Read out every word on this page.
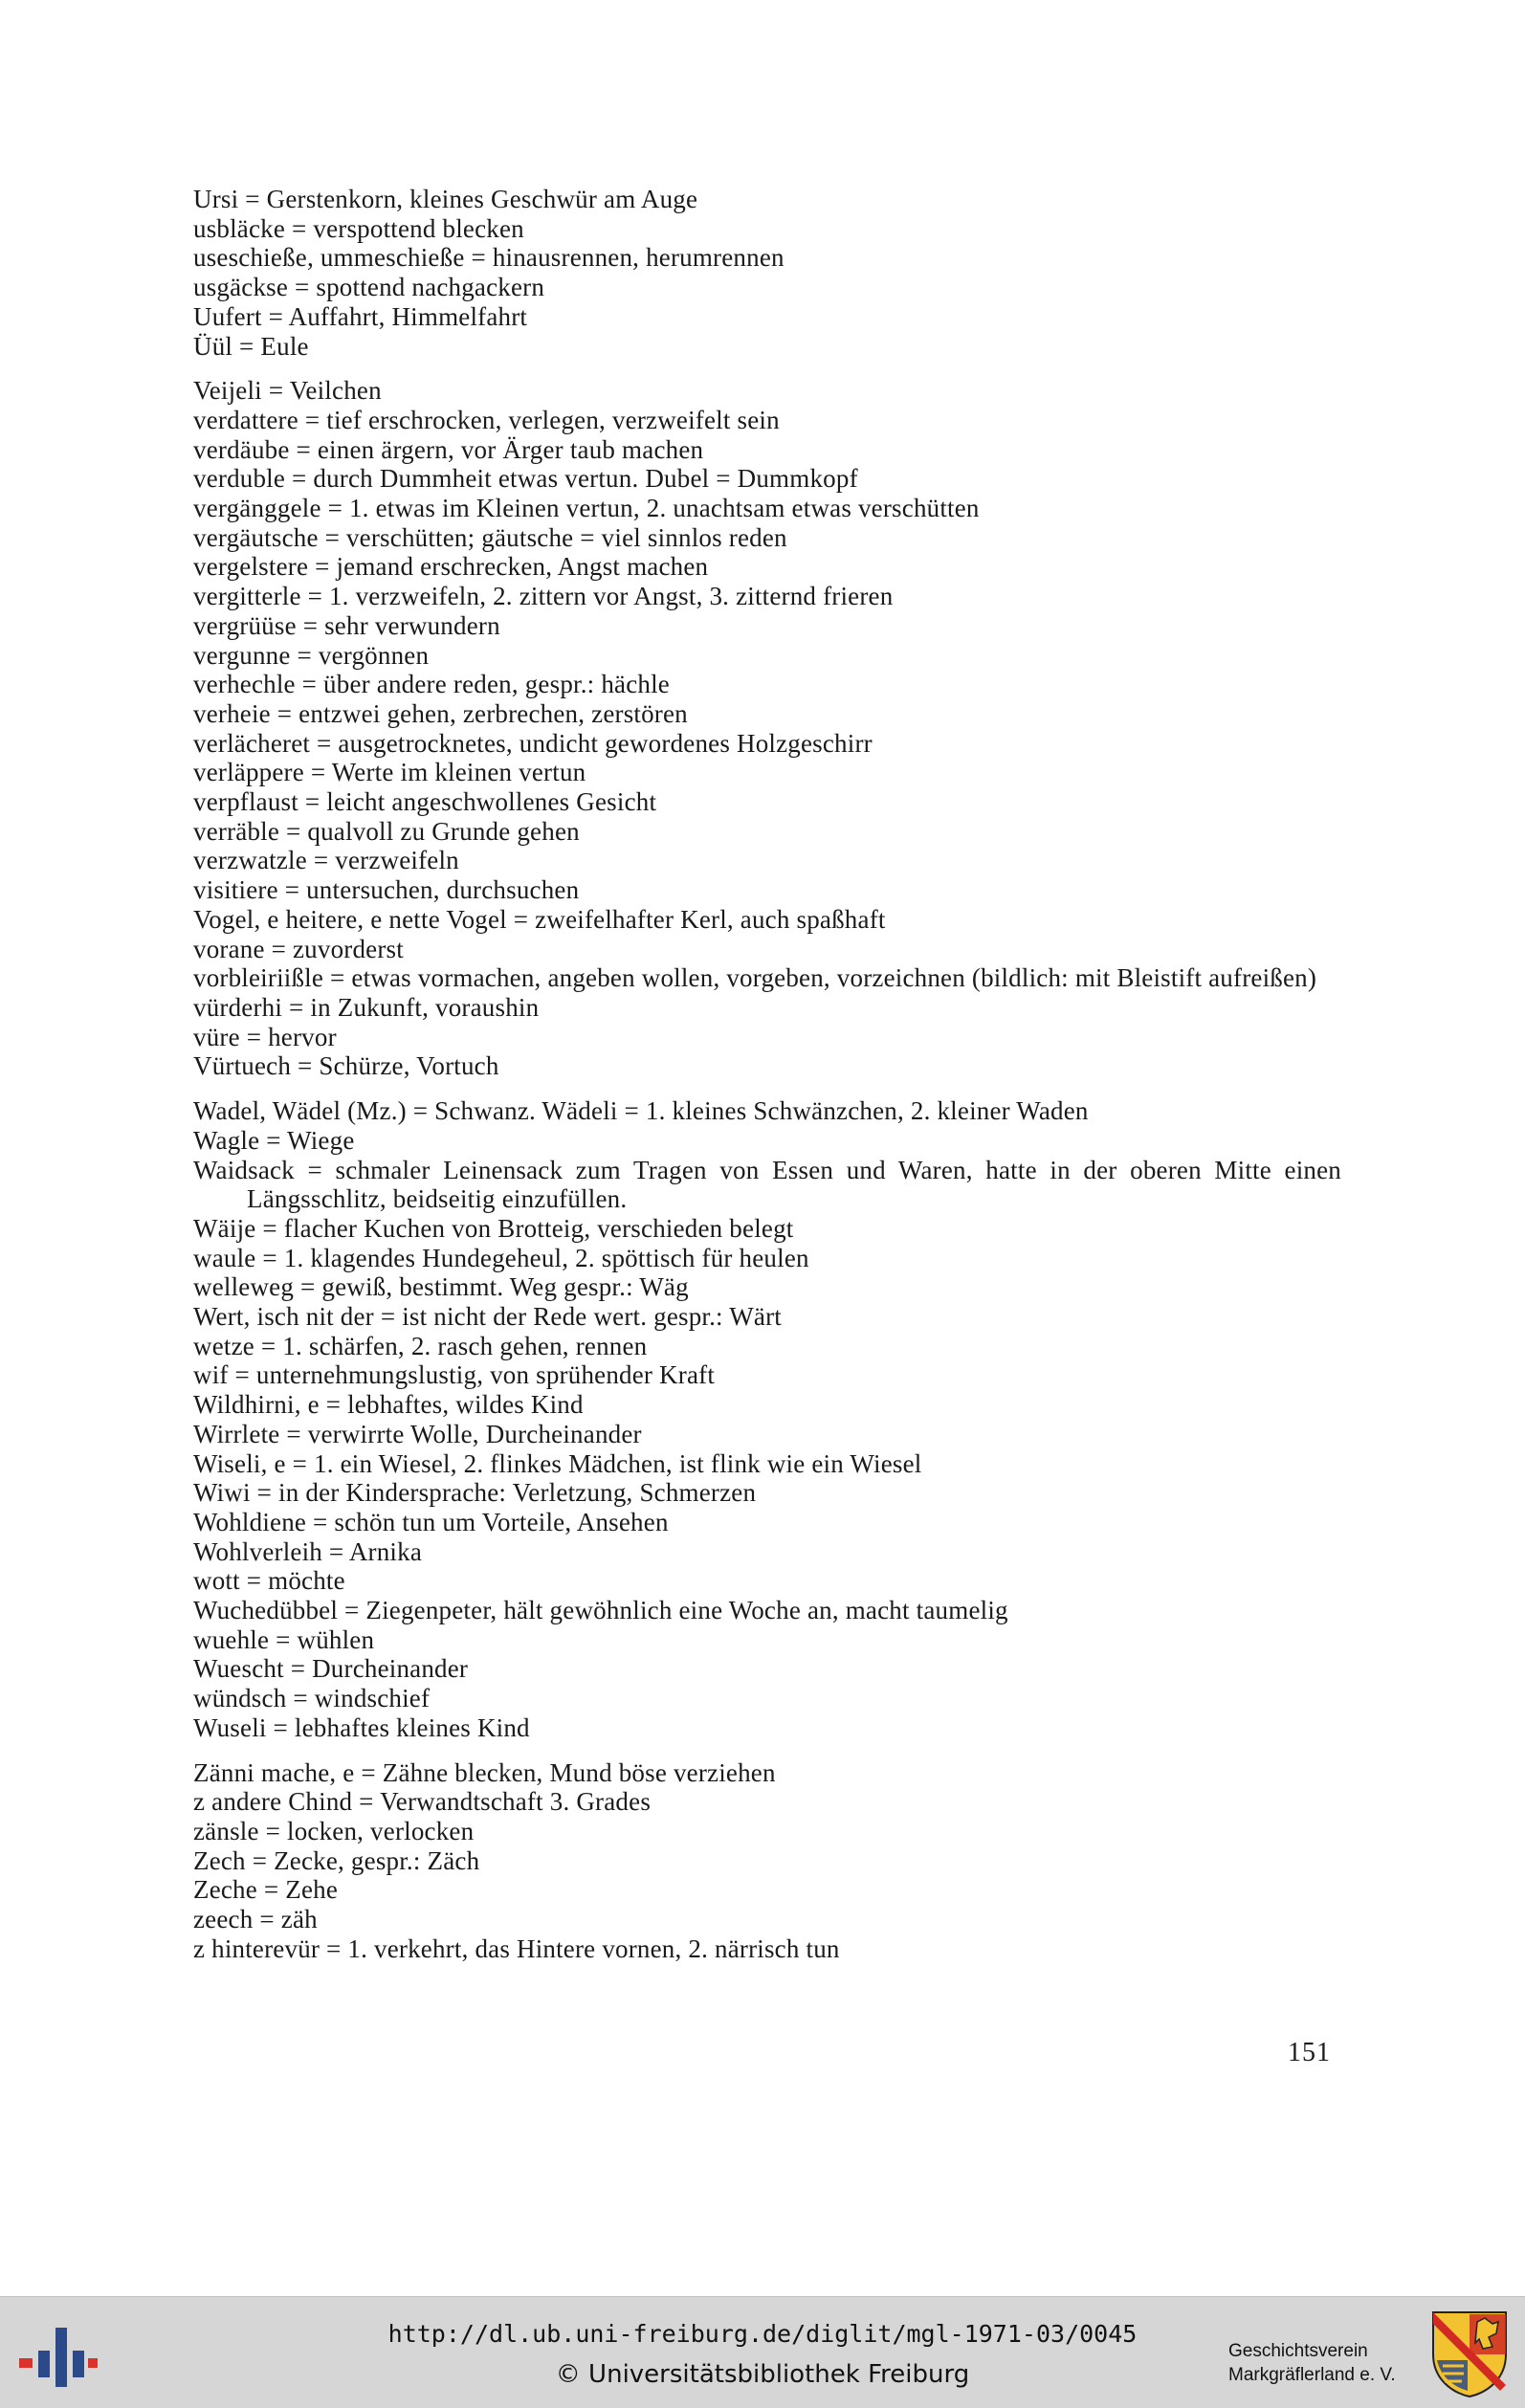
Ursi = Gerstenkorn, kleines Geschwür am Auge

usbläcke = verspottend blecken

useschieße, ummeschieße = hinausrennen, herumrennen

usgäckse = spottend nachgackern

Uufert = Auffahrt, Himmelfahrt

Üül = Eule

Veijeli = Veilchen

verdattere = tief erschrocken, verlegen, verzweifelt sein

verdäube = einen ärgern, vor Ärger taub machen

verduble = durch Dummheit etwas vertun. Dubel = Dummkopf

vergänggele = 1. etwas im Kleinen vertun, 2. unachtsam etwas verschütten

vergäutsche = verschütten; gäutsche = viel sinnlos reden

vergelstere = jemand erschrecken, Angst machen

vergitterle = 1. verzweifeln, 2. zittern vor Angst, 3. zitternd frieren

vergrüüse = sehr verwundern

vergunne = vergönnen

verhechle = über andere reden, gespr.: hächle

verheie = entzwei gehen, zerbrechen, zerstören

verlächeret = ausgetrocknetes, undicht gewordenes Holzgeschirr

verläppere = Werte im kleinen vertun

verpflaust = leicht angeschwollenes Gesicht

verräble = qualvoll zu Grunde gehen

verzwatzle = verzweifeln

visitiere = untersuchen, durchsuchen

Vogel, e heitere, e nette Vogel = zweifelhafter Kerl, auch spaßhaft

vorane = zuvorderst

vorbleiriißle = etwas vormachen, angeben wollen, vorgeben, vorzeichnen (bildlich: mit Bleistift aufreißen)

vürderhi = in Zukunft, voraushin

vüre = hervor

Vürtuech = Schürze, Vortuch

Wadel, Wädel (Mz.) = Schwanz. Wädeli = 1. kleines Schwänzchen, 2. kleiner Waden

Wagle = Wiege

Waidsack = schmaler Leinensack zum Tragen von Essen und Waren, hatte in der oberen Mitte einen Längsschlitz, beidseitig einzufüllen.

Wäije = flacher Kuchen von Brotteig, verschieden belegt

waule = 1. klagendes Hundegeheul, 2. spöttisch für heulen

welleweg = gewiß, bestimmt. Weg gespr.: Wäg

Wert, isch nit der = ist nicht der Rede wert. gespr.: Wärt

wetze = 1. schärfen, 2. rasch gehen, rennen

wif = unternehmungslustig, von sprühender Kraft

Wildhirni, e = lebhaftes, wildes Kind

Wirrlete = verwirrte Wolle, Durcheinander

Wiseli, e = 1. ein Wiesel, 2. flinkes Mädchen, ist flink wie ein Wiesel

Wiwi = in der Kindersprache: Verletzung, Schmerzen

Wohldiene = schön tun um Vorteile, Ansehen

Wohlverleih = Arnika

wott = möchte

Wuchedübbel = Ziegenpeter, hält gewöhnlich eine Woche an, macht taumelig

wuehle = wühlen

Wuescht = Durcheinander

wündsch = windschief

Wuseli = lebhaftes kleines Kind

Zänni mache, e = Zähne blecken, Mund böse verziehen

z andere Chind = Verwandtschaft 3. Grades

zänsle = locken, verlocken

Zech = Zecke, gespr.: Zäch

Zeche = Zehe

zeech = zäh

z hinterevür = 1. verkehrt, das Hintere vornen, 2. närrisch tun

151
http://dl.ub.uni-freiburg.de/diglit/mgl-1971-03/0045
© Universitätsbibliothek Freiburg
Geschichtsverein
Markgräflerland e. V.
